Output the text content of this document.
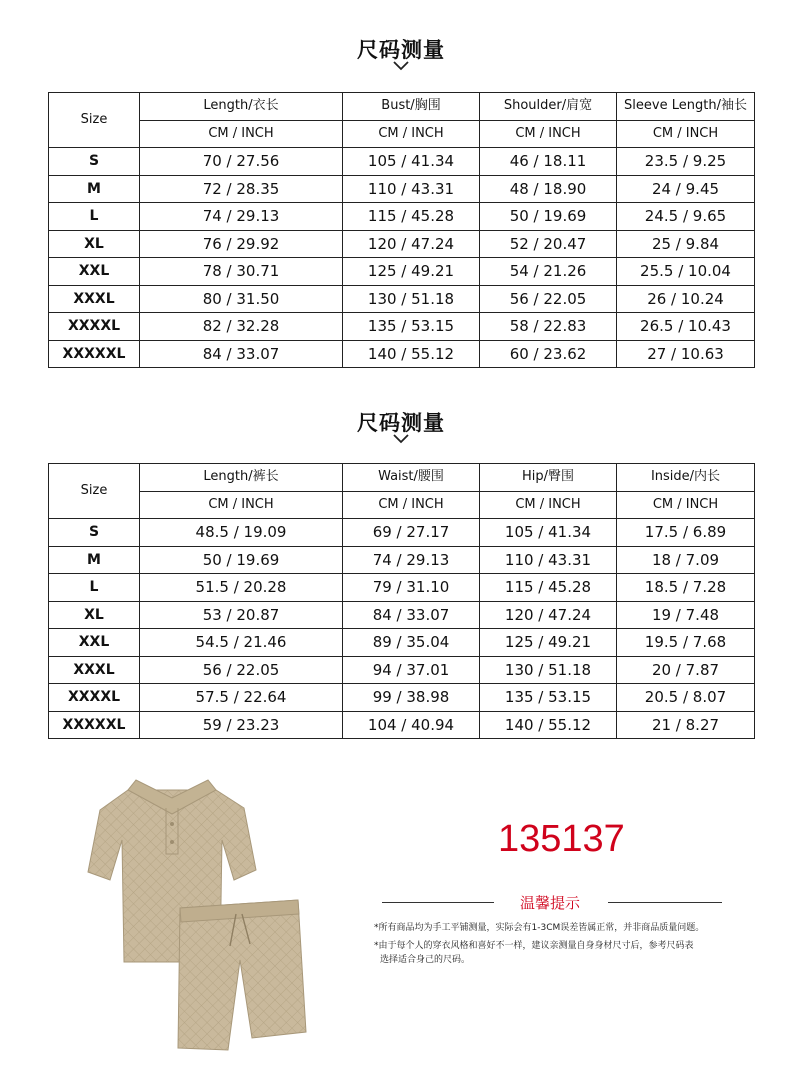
尺码测量
Size	Length/衣长	Bust/胸围	Shoulder/肩宽	Sleeve Length/袖长
	CM / INCH	CM / INCH	CM / INCH	CM / INCH
S	70 / 27.56	105 / 41.34	46 / 18.11	23.5 / 9.25
M	72 / 28.35	110 / 43.31	48 / 18.90	24 / 9.45
L	74 / 29.13	115 / 45.28	50 / 19.69	24.5 / 9.65
XL	76 / 29.92	120 / 47.24	52 / 20.47	25 / 9.84
XXL	78 / 30.71	125 / 49.21	54 / 21.26	25.5 / 10.04
XXXL	80 / 31.50	130 / 51.18	56 / 22.05	26 / 10.24
XXXXL	82 / 32.28	135 / 53.15	58 / 22.83	26.5 / 10.43
XXXXXL	84 / 33.07	140 / 55.12	60 / 23.62	27 / 10.63
尺码测量
Size	Length/裤长	Waist/腰围	Hip/臀围	Inside/内长
	CM / INCH	CM / INCH	CM / INCH	CM / INCH
S	48.5 / 19.09	69 / 27.17	105 / 41.34	17.5 / 6.89
M	50 / 19.69	74 / 29.13	110 / 43.31	18 / 7.09
L	51.5 / 20.28	79 / 31.10	115 / 45.28	18.5 / 7.28
XL	53 / 20.87	84 / 33.07	120 / 47.24	19 / 7.48
XXL	54.5 / 21.46	89 / 35.04	125 / 49.21	19.5 / 7.68
XXXL	56 / 22.05	94 / 37.01	130 / 51.18	20 / 7.87
XXXXL	57.5 / 22.64	99 / 38.98	135 / 53.15	20.5 / 8.07
XXXXXL	59 / 23.23	104 / 40.94	140 / 55.12	21 / 8.27
135137
温馨提示
*所有商品均为手工平铺测量，实际会有1-3CM误差皆属正常，并非商品质量问题。
*由于每个人的穿衣风格和喜好不一样，建议亲测量自身身材尺寸后，参考尺码表
选择适合身己的尺码。
